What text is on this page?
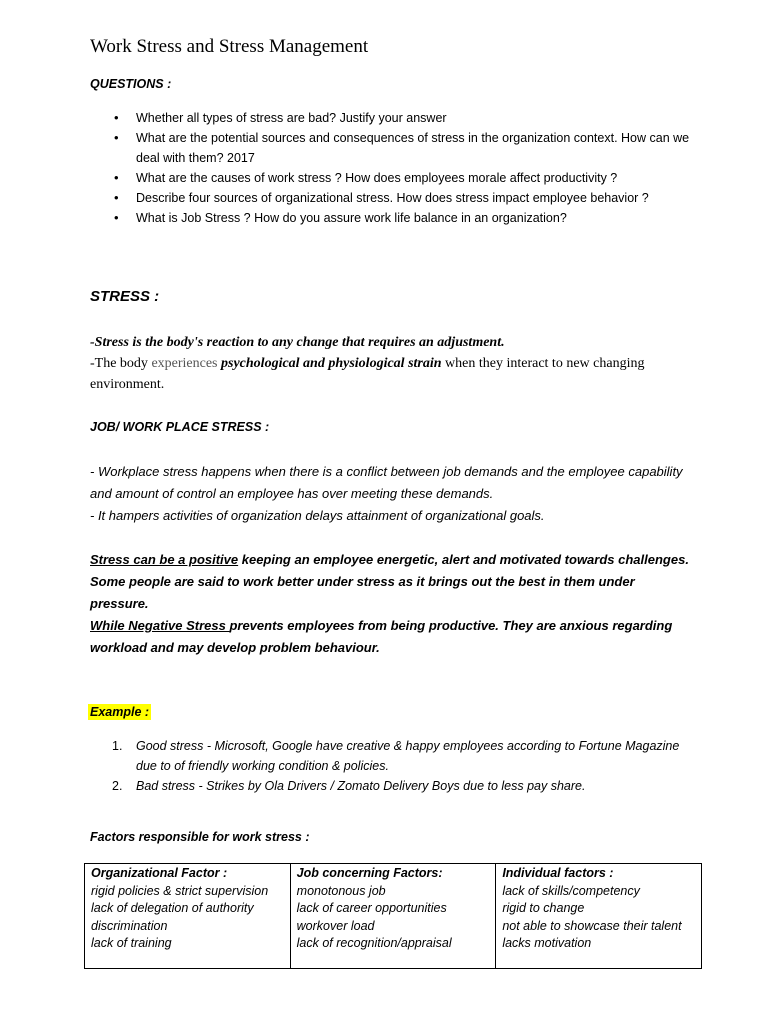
Work Stress and Stress Management
QUESTIONS :
• Whether all types of stress are bad? Justify your answer
• What are the potential sources and consequences of stress in the organization context. How can we deal with them? 2017
• What are the causes of work stress ? How does employees morale affect productivity ?
• Describe four sources of organizational stress. How does stress impact employee behavior ?
• What is Job Stress ? How do you assure work life balance in an organization?
STRESS :
-Stress is the body's reaction to any change that requires an adjustment.
-The body experiences psychological and physiological strain when they interact to new changing environment.
JOB/ WORK PLACE STRESS :
- Workplace stress happens when there is a conflict between job demands and the employee capability and amount of control an employee has over meeting these demands.
- It hampers activities of organization delays attainment of organizational goals.
Stress can be a positive keeping an employee energetic, alert and motivated towards challenges. Some people are said to work better under stress as it brings out the best in them under pressure.
While Negative Stress prevents employees from being productive. They are anxious regarding workload and may develop problem behaviour.
Example :
1. Good stress - Microsoft, Google have creative & happy employees according to Fortune Magazine due to of friendly working condition & policies.
2. Bad stress - Strikes by Ola Drivers / Zomato Delivery Boys due to less pay share.
Factors responsible for work stress :
Organizational Factor :
rigid policies & strict supervision
lack of delegation of authority
discrimination
lack of training

Job concerning Factors:
monotonous job
lack of career opportunities
workover load
lack of recognition/appraisal

Individual factors :
lack of skills/competency
rigid to change
not able to showcase their talent
lacks motivation
